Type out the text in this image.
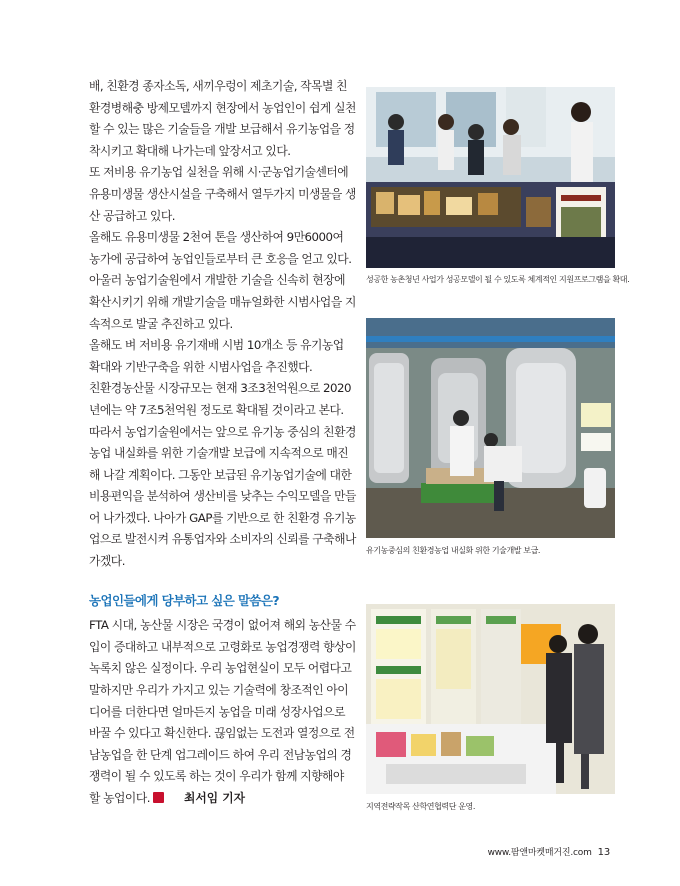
배, 친환경 종자소독, 새끼우렁이 제초기술, 작목별 친환경병해충 방제모델까지 현장에서 농업인이 쉽게 실천할 수 있는 많은 기술들을 개발 보급해서 유기농업을 정착시키고 확대해 나가는데 앞장서고 있다.

또 저비용 유기농업 실천을 위해 시·군농업기술센터에 유용미생물 생산시설을 구축해서 열두가지 미생물을 생산 공급하고 있다.

올해도 유용미생물 2천여 톤을 생산하여 9만6000여 농가에 공급하여 농업인들로부터 큰 호응을 얻고 있다.

아울러 농업기술원에서 개발한 기술을 신속히 현장에 확산시키기 위해 개발기술을 매뉴얼화한 시범사업을 지속적으로 발굴 추진하고 있다.

올해도 벼 저비용 유기재배 시범 10개소 등 유기농업 확대와 기반구축을 위한 시범사업을 추진했다.

친환경농산물 시장규모는 현재 3조3천억원으로 2020년에는 약 7조5천억원 정도로 확대될 것이라고 본다.

따라서 농업기술원에서는 앞으로 유기농 중심의 친환경농업 내실화를 위한 기술개발 보급에 지속적으로 매진해 나갈 계획이다. 그동안 보급된 유기농업기술에 대한 비용편익을 분석하여 생산비를 낮추는 수익모델을 만들어 나가겠다. 나아가 GAP를 기반으로 한 친환경 유기농업으로 발전시켜 유통업자와 소비자의 신뢰를 구축해나가겠다.

농업인들에게 당부하고 싶은 말씀은?

FTA 시대, 농산물 시장은 국경이 없어져 해외 농산물 수입이 증대하고 내부적으로 고령화로 농업경쟁력 향상이 녹록치 않은 실정이다. 우리 농업현실이 모두 어렵다고 말하지만 우리가 가지고 있는 기술력에 창조적인 아이디어를 더한다면 얼마든지 농업을 미래 성장사업으로 바꿀 수 있다고 확신한다. 끊임없는 도전과 열정으로 전남농업을 한 단계 업그레이드 하여 우리 전남농업의 경쟁력이 될 수 있도록 하는 것이 우리가 함께 지향해야 할 농업이다.	최서임 기자

성공한 농촌청년 사업가 성공모델이 될 수 있도록 체계적인 지원프로그램을 확대.
유기농중심의 친환경농업 내실화 위한 기술개발 보급.
지역전략작목 산학연협력단 운영.
www.팜앤마켓매거진.com 13
